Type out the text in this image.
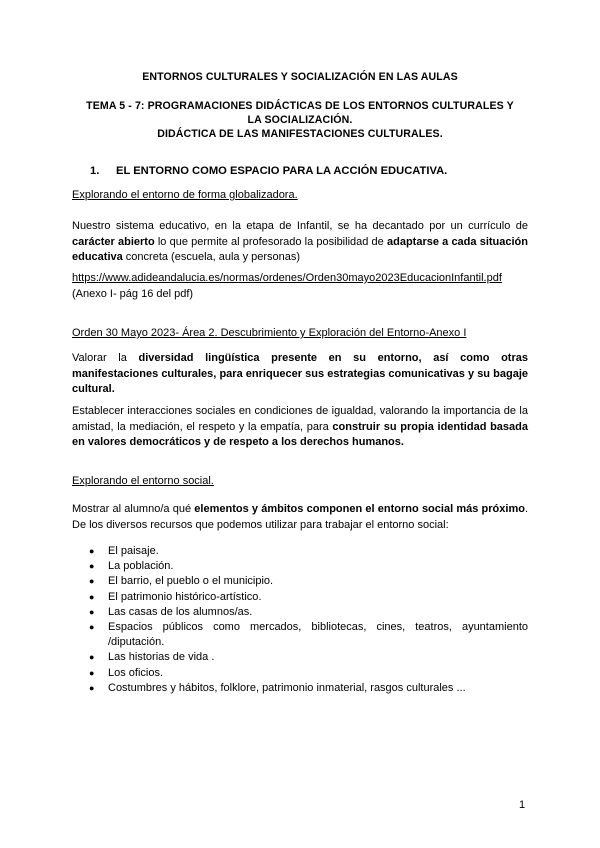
ENTORNOS CULTURALES Y SOCIALIZACIÓN EN LAS AULAS
TEMA 5 - 7: PROGRAMACIONES DIDÁCTICAS DE LOS ENTORNOS CULTURALES Y
LA SOCIALIZACIÓN.
DIDÁCTICA DE LAS MANIFESTACIONES CULTURALES.
1. EL ENTORNO COMO ESPACIO PARA LA ACCIÓN EDUCATIVA.
Explorando el entorno de forma globalizadora.
Nuestro sistema educativo, en la etapa de Infantil, se ha decantado por un currículo de carácter abierto lo que permite al profesorado la posibilidad de adaptarse a cada situación educativa concreta (escuela, aula y personas)
https://www.adideandalucia.es/normas/ordenes/Orden30mayo2023EducacionInfantil.pdf
(Anexo I- pág 16 del pdf)
Orden 30 Mayo 2023- Área 2. Descubrimiento y Exploración del Entorno-Anexo I
Valorar la diversidad lingüística presente en su entorno, así como otras manifestaciones culturales, para enriquecer sus estrategias comunicativas y su bagaje cultural.
Establecer interacciones sociales en condiciones de igualdad, valorando la importancia de la amistad, la mediación, el respeto y la empatía, para construir su propia identidad basada en valores democráticos y de respeto a los derechos humanos.
Explorando el entorno social.
Mostrar al alumno/a qué elementos y ámbitos componen el entorno social más próximo. De los diversos recursos que podemos utilizar para trabajar el entorno social:
● El paisaje.
● La población.
● El barrio, el pueblo o el municipio.
● El patrimonio histórico-artístico.
● Las casas de los alumnos/as.
● Espacios públicos como mercados, bibliotecas, cines, teatros, ayuntamiento /diputación.
● Las historias de vida .
● Los oficios.
● Costumbres y hábitos, folklore, patrimonio inmaterial, rasgos culturales ...
1
